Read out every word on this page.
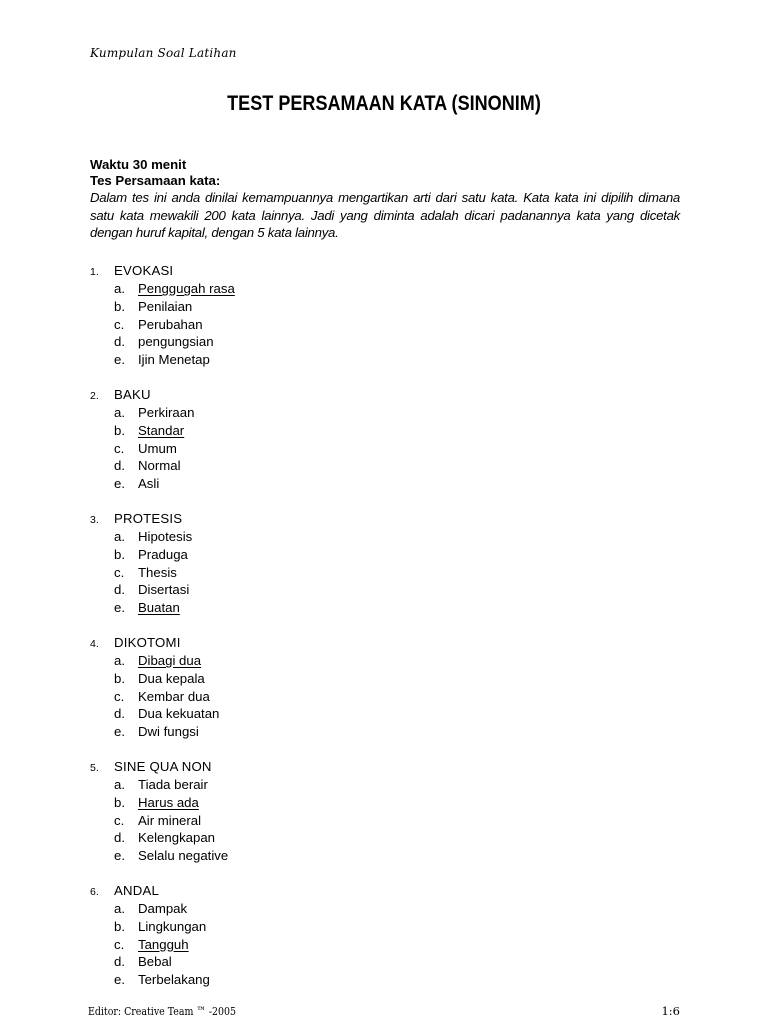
Kumpulan Soal Latihan
TEST PERSAMAAN KATA (SINONIM)
Waktu 30 menit
Tes Persamaan kata:
Dalam tes ini anda dinilai kemampuannya mengartikan arti dari satu kata. Kata kata ini dipilih dimana satu kata mewakili 200 kata lainnya. Jadi yang diminta adalah dicari padanannya kata yang dicetak dengan huruf kapital, dengan 5 kata lainnya.
1.	EVOKASI
a. Penggugah rasa
b. Penilaian
c.	Perubahan
d. pengungsian
e. Ijin Menetap
2.	BAKU
a. Perkiraan
b. Standar
c.	Umum
d. Normal
e. Asli
3.	PROTESIS
a. Hipotesis
b. Praduga
c.	Thesis
d. Disertasi
e. Buatan
4.	DIKOTOMI
a. Dibagi dua
b. Dua kepala
c.	Kembar dua
d. Dua kekuatan
e. Dwi fungsi
5.	SINE QUA NON
a. Tiada berair
b. Harus ada
c.	Air mineral
d. Kelengkapan
e. Selalu negative
6.	ANDAL
a. Dampak
b. Lingkungan
c.	Tangguh
d. Bebal
e. Terbelakang
Editor: Creative Team ™ -2005	1:6
